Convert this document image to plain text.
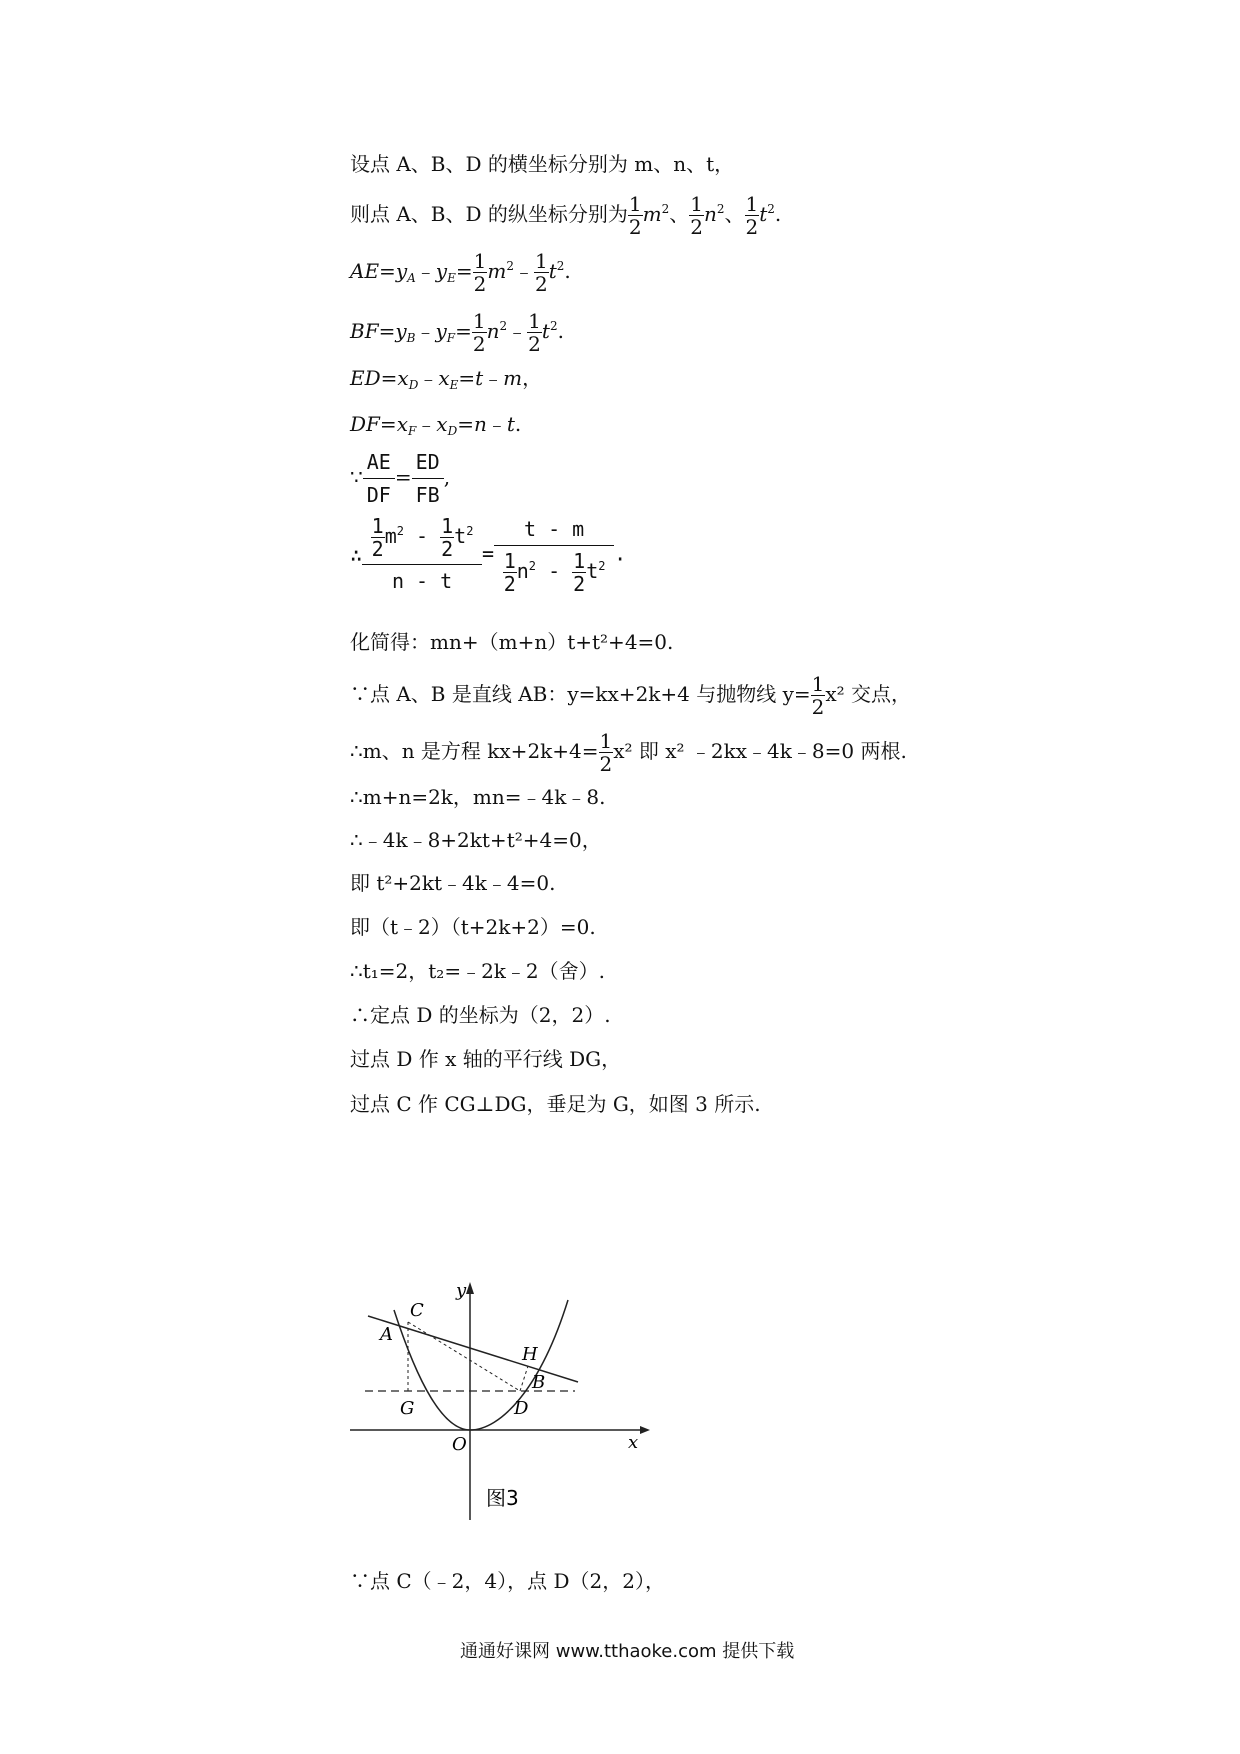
设点 A、B、D 的横坐标分别为 m、n、t，
则点 A、B、D 的纵坐标分别为 $\frac{1}{2} m^2$、 $\frac{1}{2} n^2$、 $\frac{1}{2} t^2$.
$AE=y_A﹣y_E= \frac{1}{2}$ $m^2﹣ \frac{1}{2} t^2$.
$BF=y_B﹣y_F= \frac{1}{2}$ $n^2﹣ \frac{1}{2} t^2$.
$ED=x_D﹣x_E=t﹣m$，
$DF=x_F﹣x_D=n﹣t$.
∵ $\frac{AE}{DF} = \frac{ED}{FB}$ ,
∴ $\frac{\frac{1}{2} m^2 - \frac{1}{2} t^2}{n - t} = \frac{t - m}{\frac{1}{2} n^2 - \frac{1}{2} t^2}$ .
化简得：mn+（m+n）t+t²+4=0.
∵点 A、B 是直线 AB：y=kx+2k+4 与抛物线 $y= \frac{1}{2} x^2$ 交点，
∴m、n 是方程 $kx+2k+4= \frac{1}{2} x^2$ 即 x² ﹣2kx﹣4k﹣8=0 两根.
∴m+n=2k，mn=﹣4k﹣8.
∴﹣4k﹣8+2kt+t²+4=0，
即 t²+2kt﹣4k﹣4=0.
即（t﹣2）（t+2k+2）=0.
∴t₁=2，t₂=﹣2k﹣2（舍）.
∴定点 D 的坐标为（2，2）.
过点 D 作 x 轴的平行线 DG，
过点 C 作 CG⊥DG，垂足为 G，如图 3 所示.
y
x
O
A
C
H
B
D
G
图3
∵点 C（﹣2，4），点 D（2，2），
通通好课网 www.tthaoke.com 提供下载
